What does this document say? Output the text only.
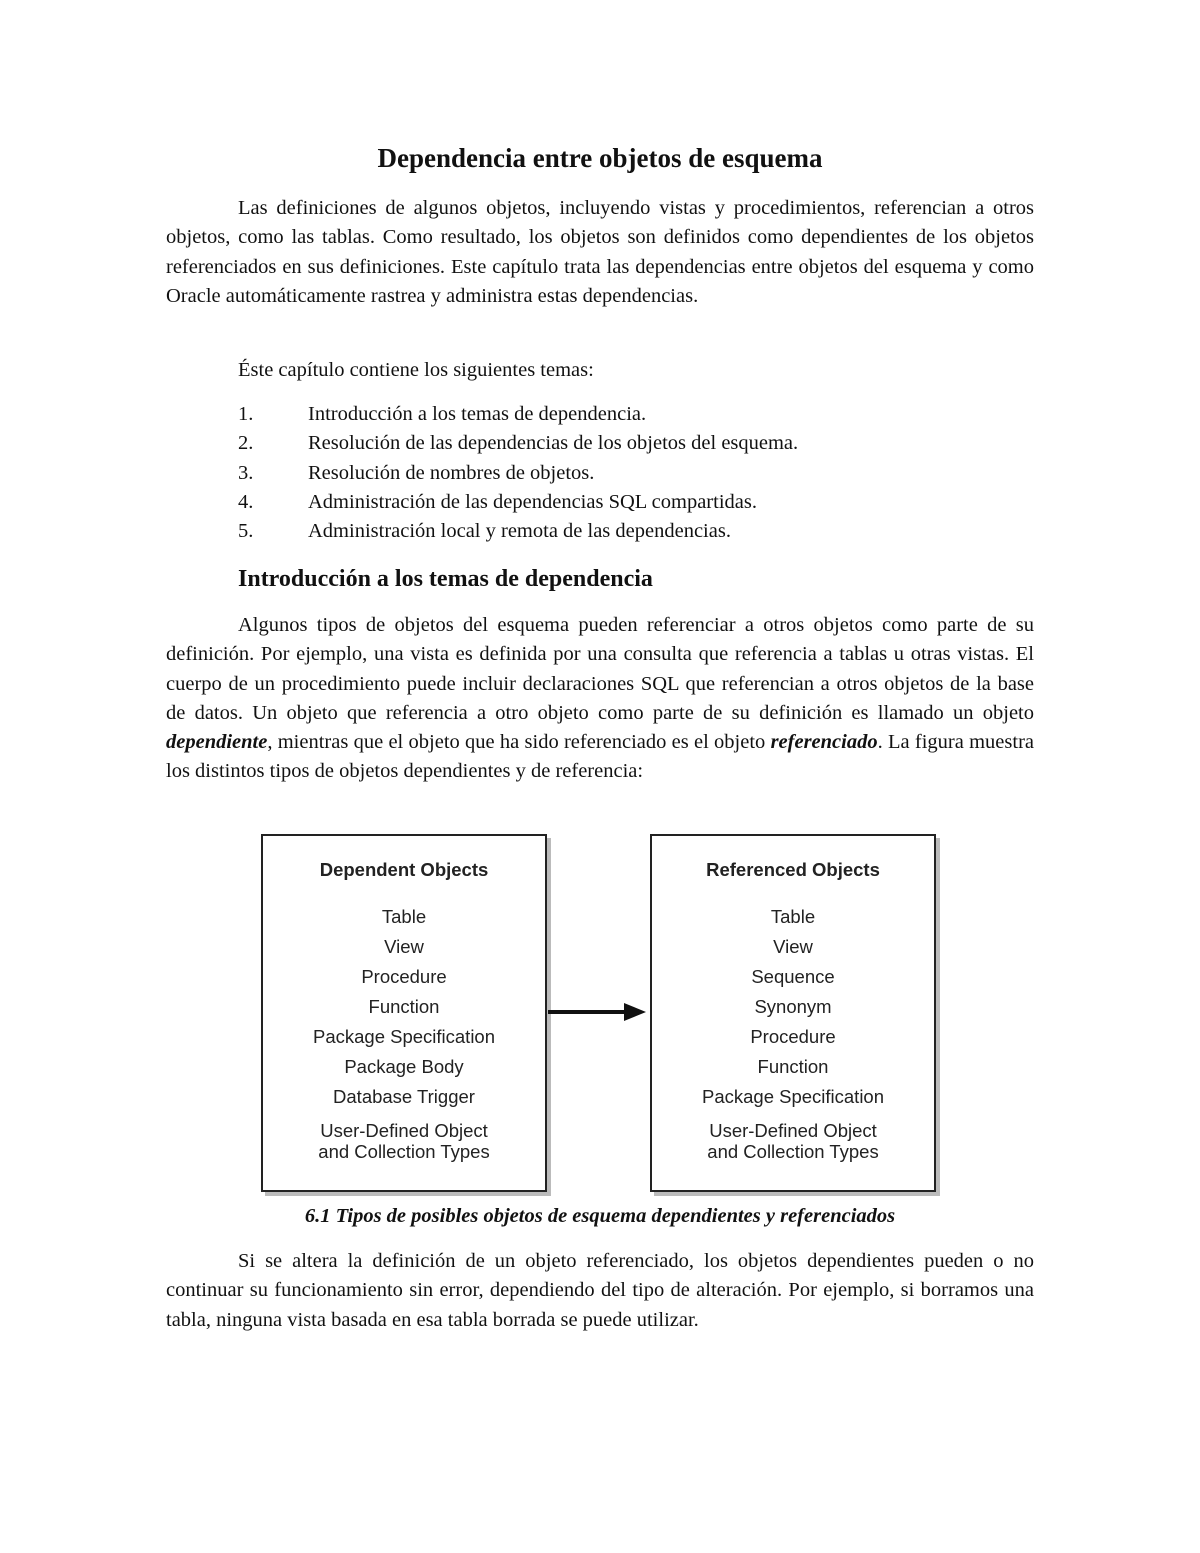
Dependencia entre objetos de esquema

Las definiciones de algunos objetos, incluyendo vistas y procedimientos, referencian a otros objetos, como las tablas. Como resultado, los objetos son definidos como dependientes de los objetos referenciados en sus definiciones. Este capítulo trata las dependencias entre objetos del esquema y como Oracle automáticamente rastrea y administra estas dependencias.

Éste capítulo contiene los siguientes temas:

1.	Introducción a los temas de dependencia.
2.	Resolución de las dependencias de los objetos del esquema.
3.	Resolución de nombres de objetos.
4.	Administración de las dependencias SQL compartidas.
5.	Administración local y remota de las dependencias.
Introducción a los temas de dependencia

Algunos tipos de objetos del esquema pueden referenciar a otros objetos como parte de su definición. Por ejemplo, una vista es definida por una consulta que referencia a tablas u otras vistas. El cuerpo de un procedimiento puede incluir declaraciones SQL que referencian a otros objetos de la base de datos. Un objeto que referencia a otro objeto como parte de su definición es llamado un objeto dependiente, mientras que el objeto que ha sido referenciado es el objeto referenciado. La figura muestra los distintos tipos de objetos dependientes y de referencia:

Dependent Objects
Table
View
Procedure
Function
Package Specification
Package Body
Database Trigger
User-Defined Object
and Collection Types
Referenced Objects
Table
View
Sequence
Synonym
Procedure
Function
Package Specification
User-Defined Object
and Collection Types
6.1 Tipos de posibles objetos de esquema dependientes y referenciados

Si se altera la definición de un objeto referenciado, los objetos dependientes pueden o no continuar su funcionamiento sin error, dependiendo del tipo de alteración. Por ejemplo, si borramos una tabla, ninguna vista basada en esa tabla borrada se puede utilizar.
